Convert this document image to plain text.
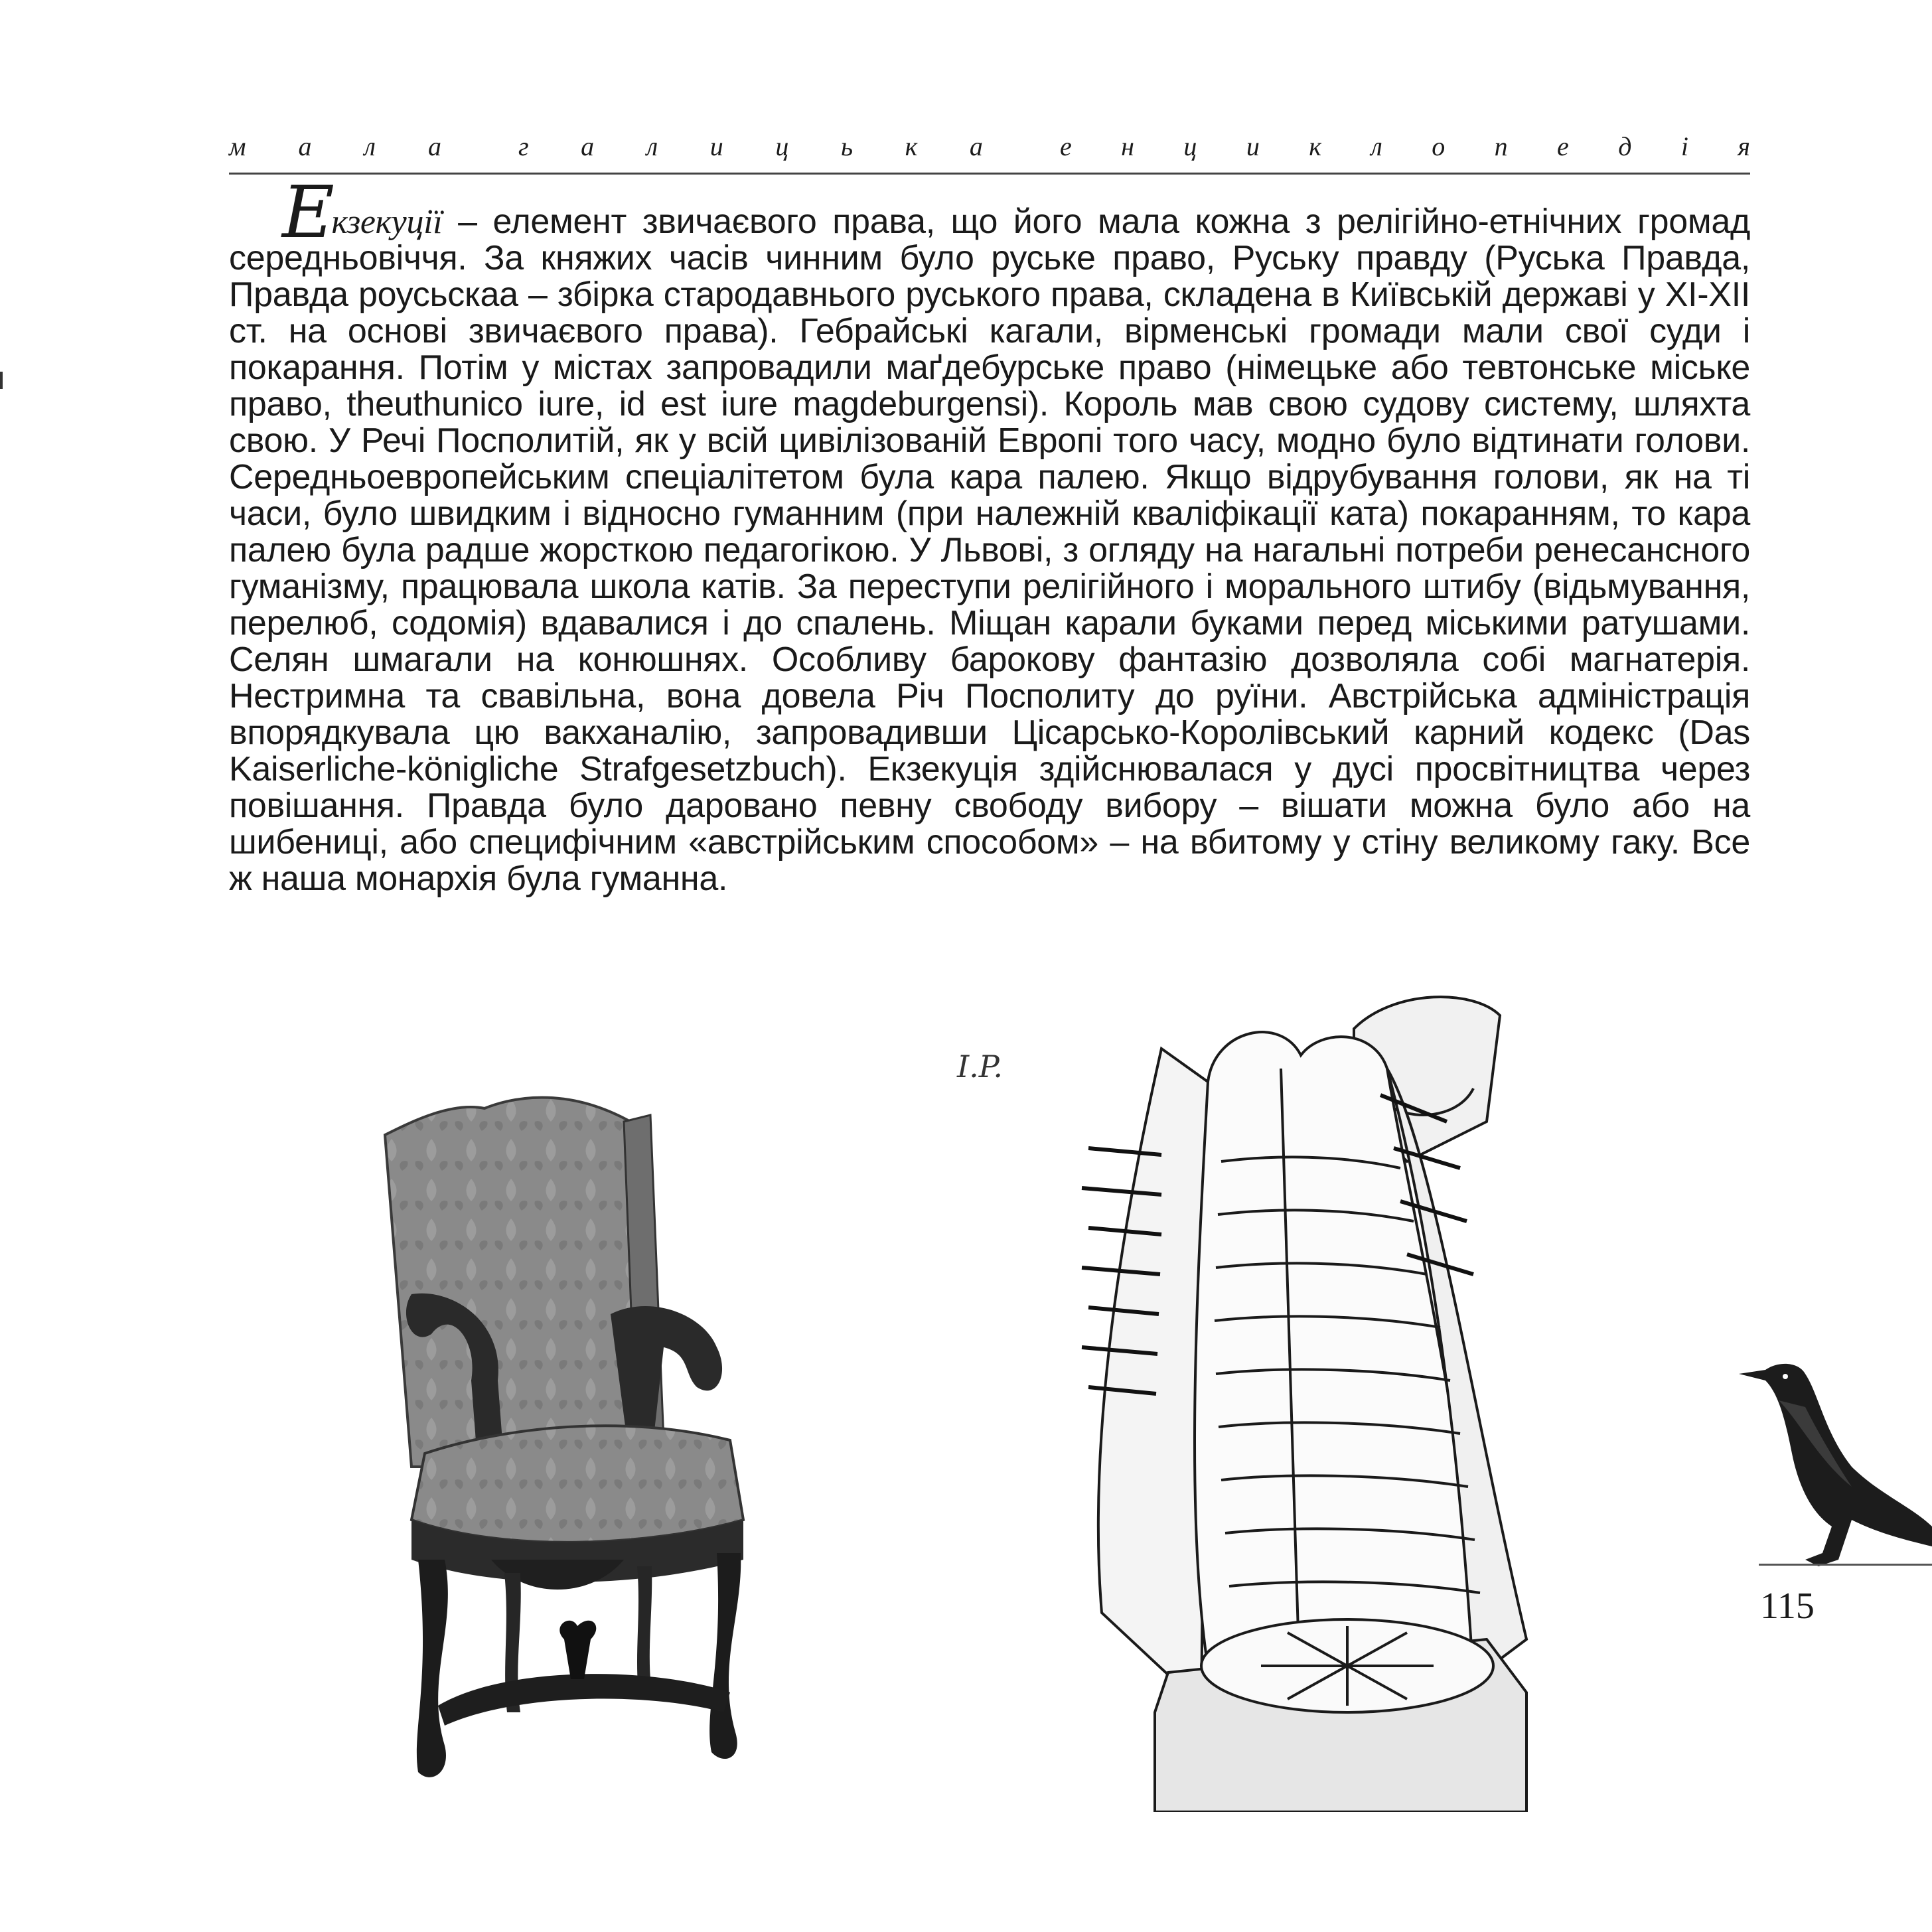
м а л а	г а л и ц ь к а	е н ц и к л о п е д і я
Екзекуції – елемент звичаєвого права, що його мала кожна з релігійно-етнічних громад середньовіччя. За княжих часів чинним було руське право, Руську правду (Руська Правда, Правда роусьскаа – збірка стародавнього руського права, складена в Київській державі у XI-XII ст. на основі звичаєвого права). Гебрайські кагали, вірменські громади мали свої суди і покарання. Потім у містах запровадили маґдебурське право (німецьке або тевтонське міське право, theuthunico iure, id est iure magdeburgensi). Король мав свою судову систему, шляхта свою. У Речі Посполитій, як у всій цивілізованій Европі того часу, модно було відтинати голови. Середньоевропейським спеціалітетом була кара палею. Якщо відрубування голови, як на ті часи, було швидким і відносно гуманним (при належній кваліфікації ката) покаранням, то кара палею була радше жорсткою педагогікою. У Львові, з огляду на нагальні потреби ренесансного гуманізму, працювала школа катів. За переступи релігійного і морального штибу (відьмування, перелюб, содомія) вдавалися і до спалень. Міщан карали буками перед міськими ратушами. Селян шмагали на конюшнях. Особливу барокову фантазію дозволяла собі магнатерія. Нестримна та свавільна, вона довела Річ Посполиту до руїни. Австрійська адміністрація впорядкувала цю вакханалію, запровадивши Цісарсько-Королівський карний кодекс (Das Kaiserliche-königliche Strafgesetzbuch). Екзекуція здійснювалася у дусі просвітництва через повішання. Правда було даровано певну свободу вибору – вішати можна було або на шибениці, або специфічним «австрійським способом» – на вбитому у стіну великому гаку. Все ж наша монархія була гуманна.
I.P.
115
